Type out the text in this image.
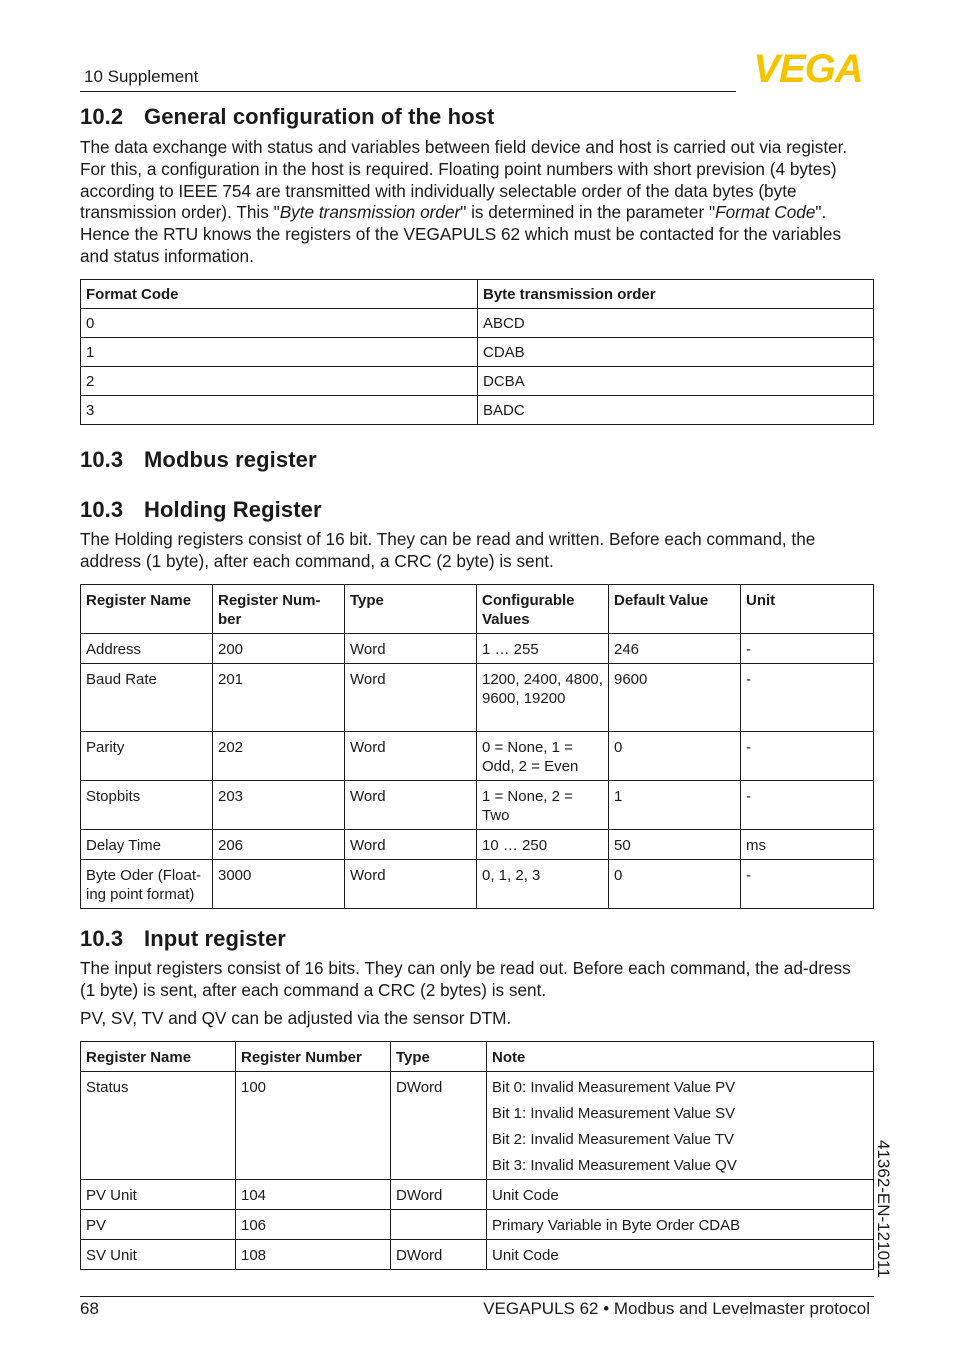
10 Supplement	VEGA
10.2 General configuration of the host

The data exchange with status and variables between field device and host is carried out via register. For this, a configuration in the host is required. Floating point numbers with short prevision (4 bytes) according to IEEE 754 are transmitted with individually selectable order of the data bytes (byte transmission order). This "Byte transmission order" is determined in the parameter "Format Code". Hence the RTU knows the registers of the VEGAPULS 62 which must be contacted for the variables and status information.

Format Code	Byte transmission order
0	ABCD
1	CDAB
2	DCBA
3	BADC
10.3 Modbus register
10.3 Holding Register

The Holding registers consist of 16 bit. They can be read and written. Before each command, the address (1 byte), after each command, a CRC (2 byte) is sent.

Register Name	Register Num-ber	Type	Configurable Values	Default Value	Unit
Address	200	Word	1 … 255	246	-
Baud Rate	201	Word	1200, 2400, 4800, 9600, 19200	9600	-
Parity	202	Word	0 = None, 1 = Odd, 2 = Even	0	-
Stopbits	203	Word	1 = None, 2 = Two	1	-
Delay Time	206	Word	10 … 250	50	ms
Byte Oder (Float-ing point format)	3000	Word	0, 1, 2, 3	0	-
10.3 Input register

The input registers consist of 16 bits. They can only be read out. Before each command, the ad-dress (1 byte) is sent, after each command a CRC (2 bytes) is sent.

PV, SV, TV and QV can be adjusted via the sensor DTM.

Register Name	Register Number	Type	Note
Status	100	DWord	Bit 0: Invalid Measurement Value PV
Bit 1: Invalid Measurement Value SV
Bit 2: Invalid Measurement Value TV
Bit 3: Invalid Measurement Value QV

PV Unit	104	DWord	Unit Code
PV	106		Primary Variable in Byte Order CDAB
SV Unit	108	DWord	Unit Code	41362-EN-121011
68	VEGAPULS 62 • Modbus and Levelmaster protocol
